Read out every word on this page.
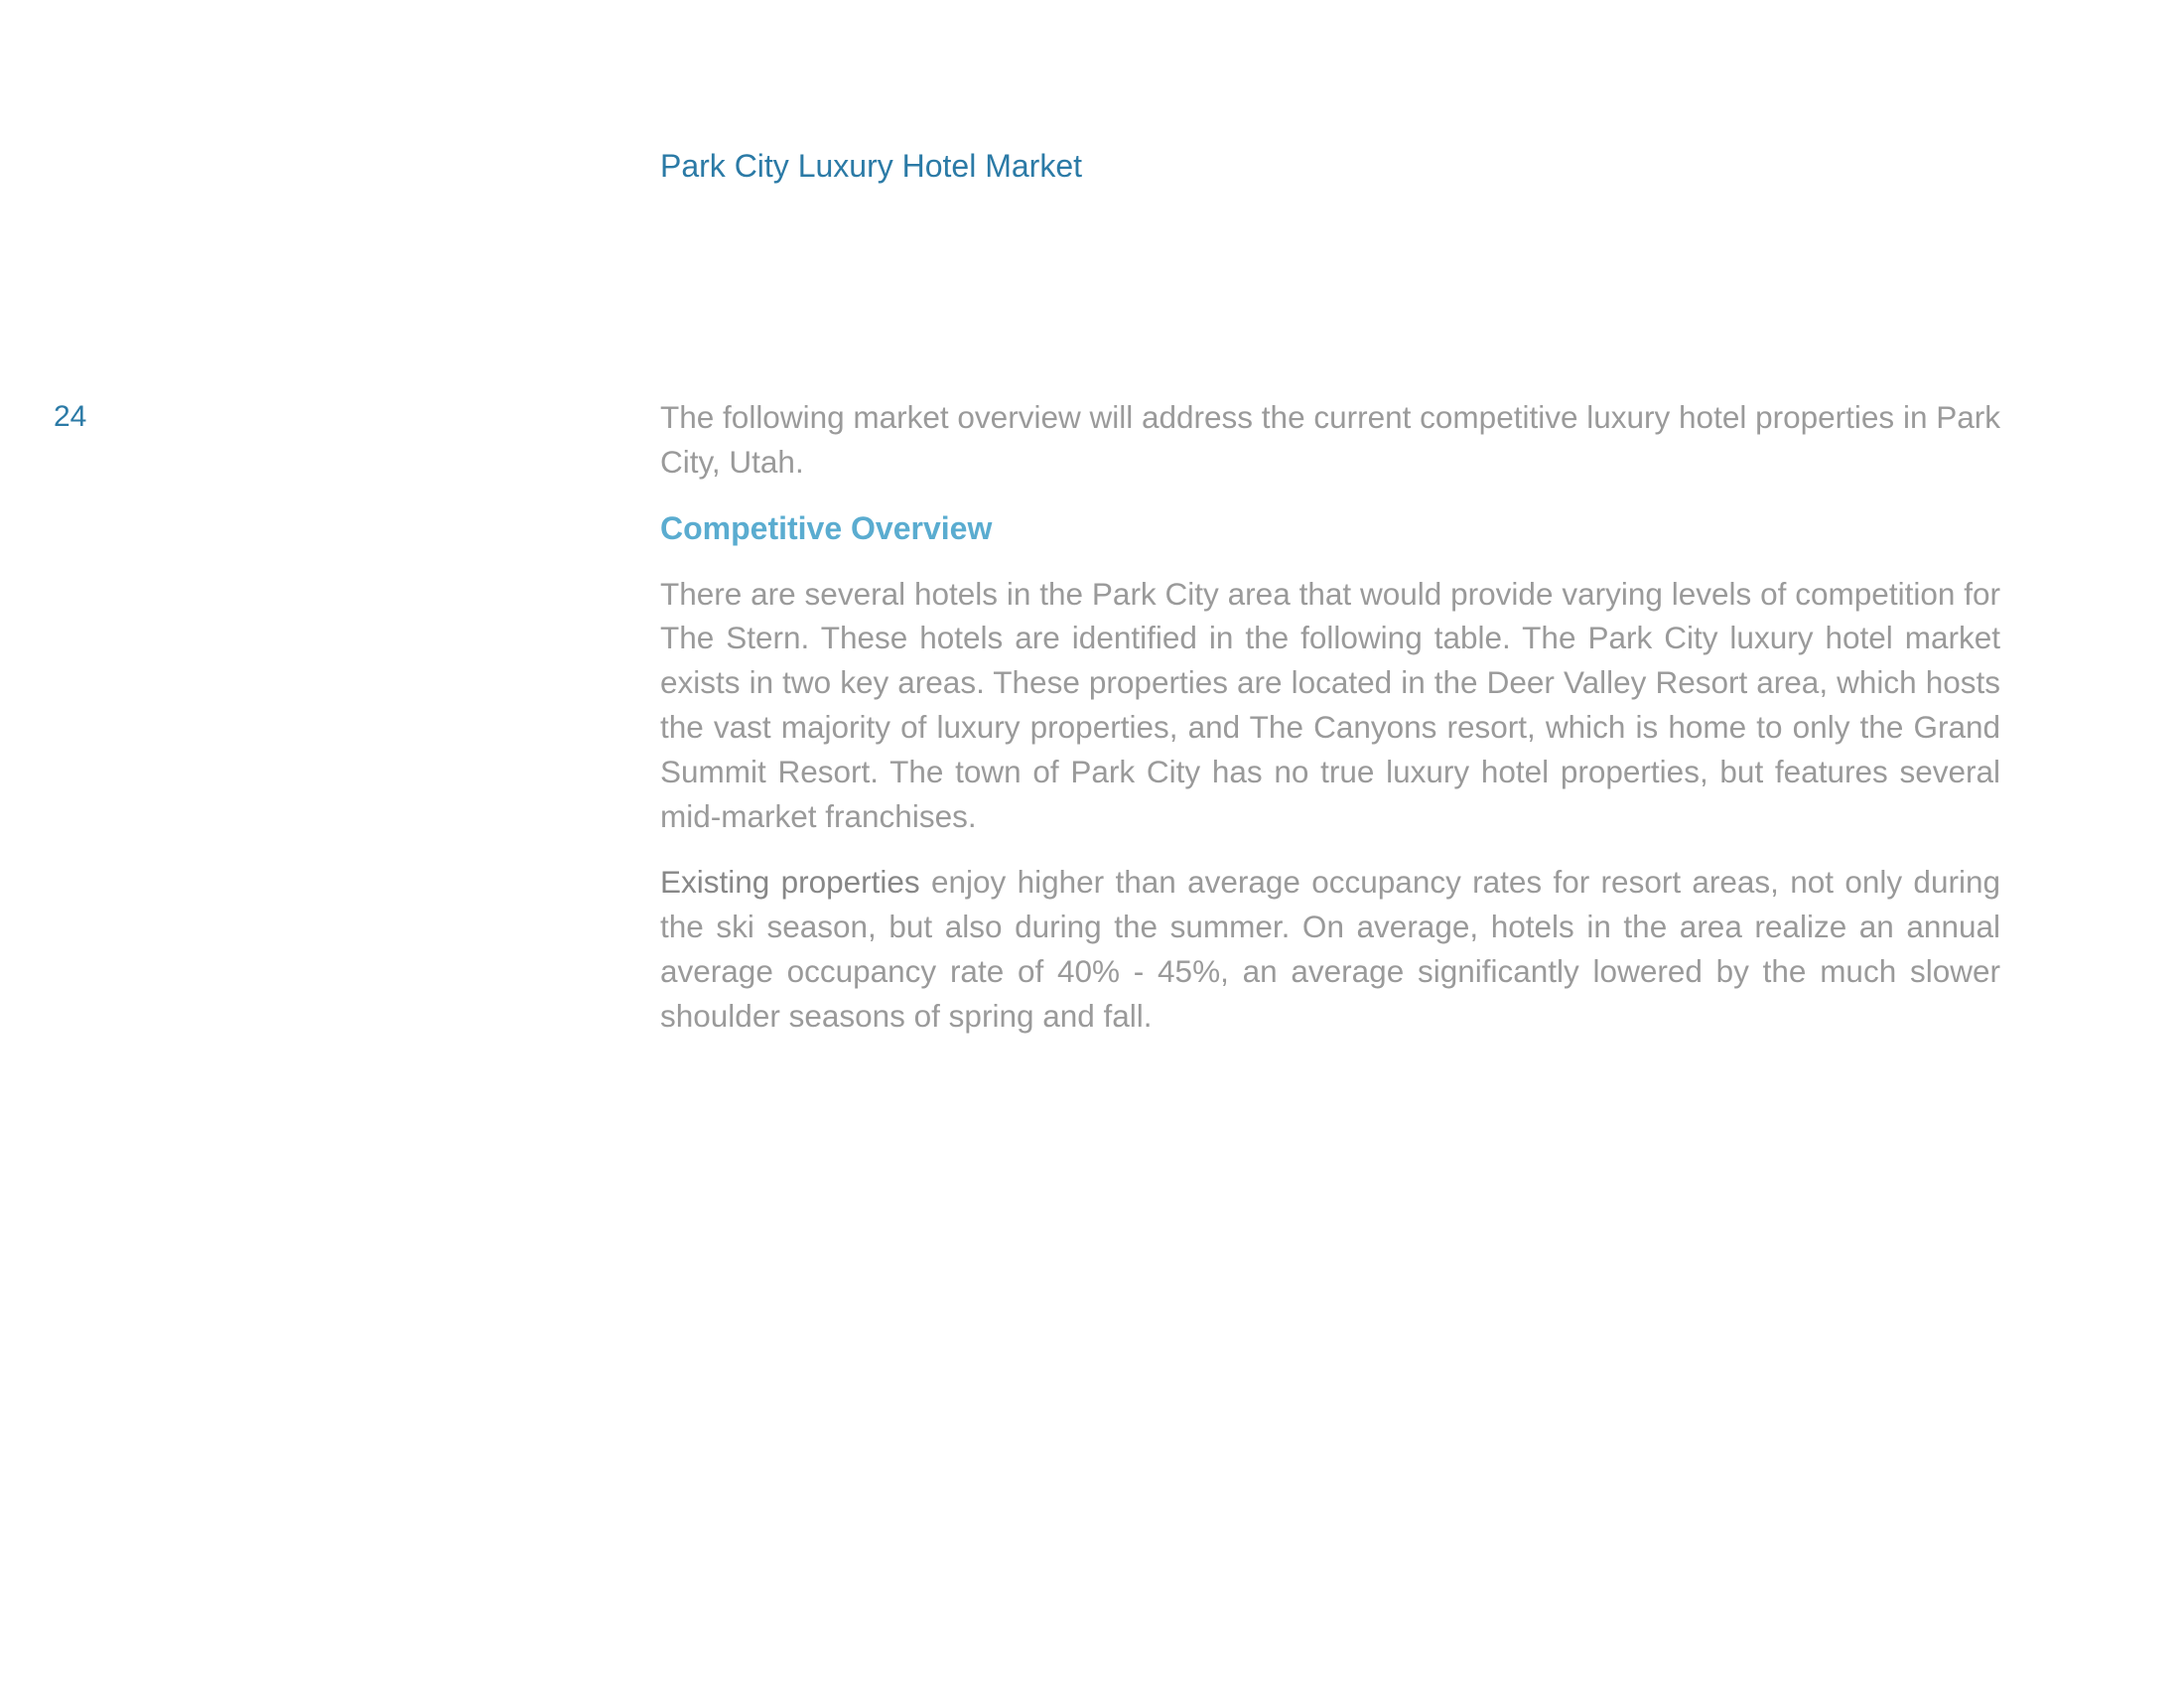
Park City Luxury Hotel Market
24	The following market overview will address the current competitive luxury hotel properties in Park City, Utah.

Competitive Overview

There are several hotels in the Park City area that would provide varying levels of competition for The Stern. These hotels are identified in the following table. The Park City luxury hotel market exists in two key areas. These properties are located in the Deer Valley Resort area, which hosts the vast majority of luxury properties, and The Canyons resort, which is home to only the Grand Summit Resort. The town of Park City has no true luxury hotel properties, but features several mid-market franchises.

Existing properties enjoy higher than average occupancy rates for resort areas, not only during the ski season, but also during the summer. On average, hotels in the area realize an annual average occupancy rate of 40% - 45%, an average significantly lowered by the much slower shoulder seasons of spring and fall.
